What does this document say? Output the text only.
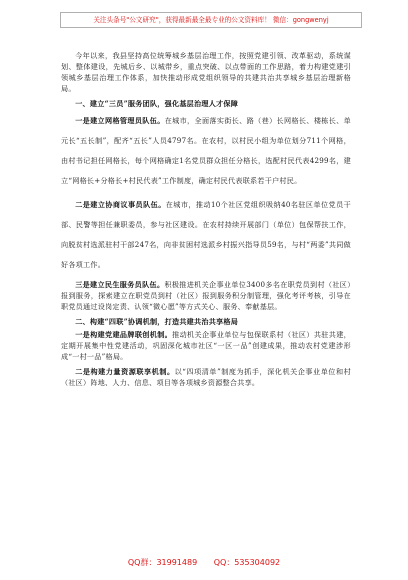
关注头条号"公文研究"，获得最新最全最专业的公文资料库！ 微信：gongwenyj

今年以来，我县坚持高位统筹城乡基层治理工作，按照党建引领、改革驱动，系统谋划、整体建设，先城后乡、以城带乡，重点突破、以点带面的工作思路，着力构建党建引领城乡基层治理工作体系，加快推动形成党组织领导的共建共治共享城乡基层治理新格局。

一、建立“三员”服务团队，强化基层治理人才保障

一是建立网格管理员队伍。在城市，全面落实街长、路（巷）长网格长、楼栋长、单元长“五长制”，配齐“五长”人员4797名。在农村，以村民小组为单位划分711个网格，由村书记担任网格长，每个网格确定1名党员群众担任分格长，选配村民代表4299名，建立“网格长+分格长+村民代表”工作制度，确定村民代表联系若干户村民。

二是建立协商议事员队伍。在城市，推动10个社区党组织吸纳40名驻区单位党员干部、民警等担任兼职委员，参与社区建设。在农村持续开展部门（单位）包保帮扶工作，向脱贫村选派驻村干部247名，向非贫困村选派乡村振兴指导员59名，与村“两委”共同做好各项工作。

三是建立民生服务员队伍。积极推进机关企事业单位3400多名在职党员到村（社区）报到服务，探索建立在职党员到村（社区）报到服务积分制管理，强化考评考核，引导在职党员通过设岗定责、认领“微心愿”等方式关心、服务、奉献基层。

二、构建“四联”协调机制，打造共建共治共享格局

一是构建党建品牌联创机制。推动机关企事业单位与包保联系村（社区）共驻共建，定期开展集中性党建活动，巩固深化城市社区“一区一品”创建成果，推动农村党建涉形成“一村一品”格局。

二是构建力量资源联享机制。以“四项清单”制度为抓手，深化机关企事业单位和村（社区）阵地、人力、信息、项目等各项城乡资源整合共享。

QQ群：31991489 QQ：535304092
